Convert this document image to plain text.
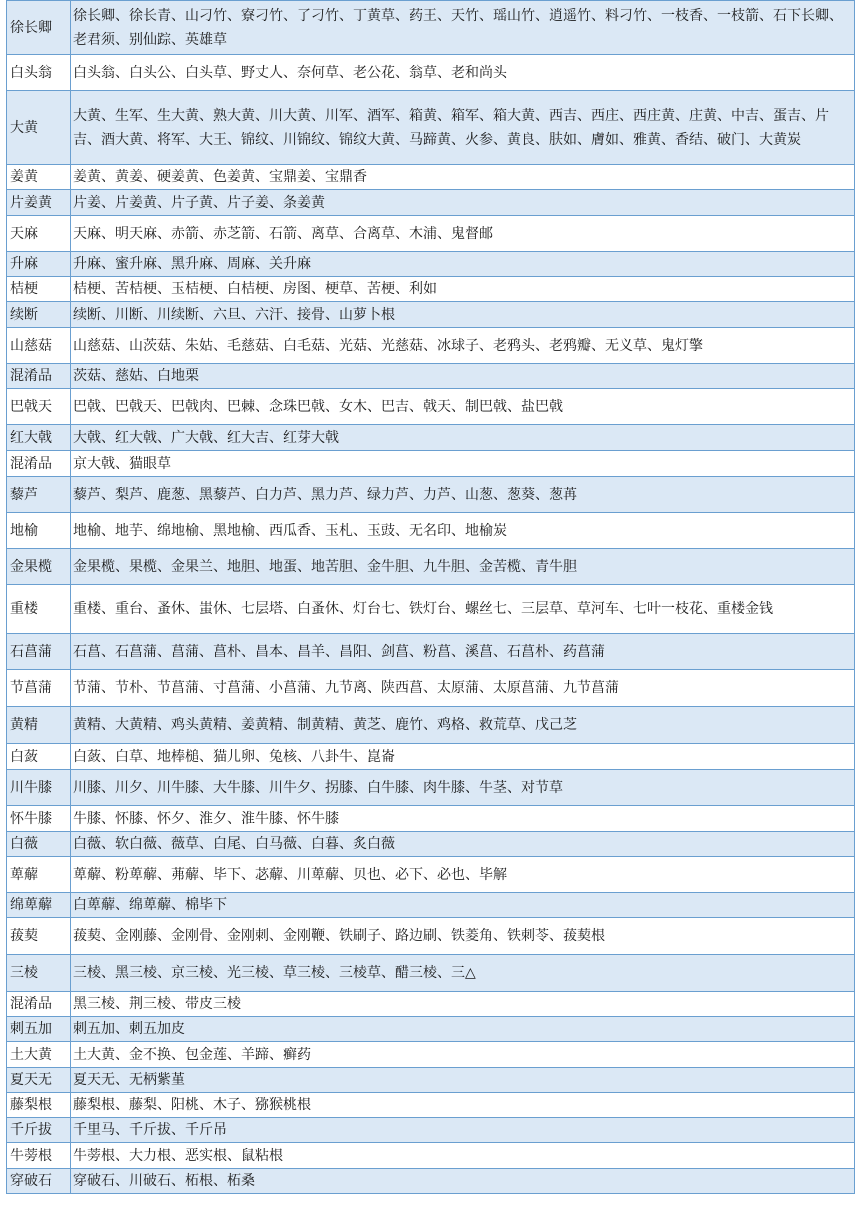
徐长卿	徐长卿、徐长青、山刁竹、寮刁竹、了刁竹、丁黄草、药王、天竹、瑶山竹、逍遥竹、料刁竹、一枝香、一枝箭、石下长卿、老君须、别仙踪、英雄草
白头翁	白头翁、白头公、白头草、野丈人、奈何草、老公花、翁草、老和尚头
大黄	大黄、生军、生大黄、熟大黄、川大黄、川军、酒军、箱黄、箱军、箱大黄、西吉、西庄、西庄黄、庄黄、中吉、蛋吉、片吉、酒大黄、将军、大王、锦纹、川锦纹、锦纹大黄、马蹄黄、火参、黄良、肤如、膚如、雅黄、香结、破门、大黄炭
姜黄	姜黄、黄姜、硬姜黄、色姜黄、宝鼎姜、宝鼎香
片姜黄	片姜、片姜黄、片子黄、片子姜、条姜黄
天麻	天麻、明天麻、赤箭、赤芝箭、石箭、离草、合离草、木浦、鬼督邮
升麻	升麻、蜜升麻、黑升麻、周麻、关升麻
桔梗	桔梗、苦桔梗、玉桔梗、白桔梗、房图、梗草、苦梗、利如
续断	续断、川断、川续断、六旦、六汗、接骨、山萝卜根
山慈菇	山慈菇、山茨菇、朱姑、毛慈菇、白毛菇、光菇、光慈菇、冰球子、老鸦头、老鸦瓣、无义草、鬼灯擎
混淆品	茨菇、慈姑、白地栗
巴戟天	巴戟、巴戟天、巴戟肉、巴棘、念珠巴戟、女木、巴吉、戟天、制巴戟、盐巴戟
红大戟	大戟、红大戟、广大戟、红大吉、红芽大戟
混淆品	京大戟、猫眼草
藜芦	藜芦、梨芦、鹿葱、黑藜芦、白力芦、黑力芦、绿力芦、力芦、山葱、葱葵、葱苒
地榆	地榆、地芋、绵地榆、黑地榆、西瓜香、玉札、玉豉、无名印、地榆炭
金果榄	金果榄、果榄、金果兰、地胆、地蛋、地苦胆、金牛胆、九牛胆、金苦榄、青牛胆
重楼	重楼、重台、蚤休、蚩休、七层塔、白蚤休、灯台七、铁灯台、螺丝七、三层草、草河车、七叶一枝花、重楼金钱
石菖蒲	石菖、石菖蒲、菖蒲、菖朴、昌本、昌羊、昌阳、剑菖、粉菖、溪菖、石菖朴、药菖蒲
节菖蒲	节蒲、节朴、节菖蒲、寸菖蒲、小菖蒲、九节离、陕西菖、太原蒲、太原菖蒲、九节菖蒲
黄精	黄精、大黄精、鸡头黄精、姜黄精、制黄精、黄芝、鹿竹、鸡格、救荒草、戊己芝
白蔹	白蔹、白草、地棒槌、猫儿卵、兔核、八卦牛、崑崙
川牛膝	川膝、川夕、川牛膝、大牛膝、川牛夕、拐膝、白牛膝、肉牛膝、牛茎、对节草
怀牛膝	牛膝、怀膝、怀夕、淮夕、淮牛膝、怀牛膝
白薇	白薇、软白薇、薇草、白尾、白马薇、白暮、炙白薇
萆薢	萆薢、粉萆薢、茀薢、毕下、苾薢、川萆薢、贝也、必下、必也、毕解
绵萆薢	白萆薢、绵萆薢、棉毕下
菝葜	菝葜、金刚藤、金刚骨、金刚刺、金刚鞭、铁刷子、路边刷、铁菱角、铁刺苓、菝葜根
三棱	三棱、黑三棱、京三棱、光三棱、草三棱、三棱草、醋三棱、三△
混淆品	黑三棱、荆三棱、带皮三棱
刺五加	刺五加、刺五加皮
土大黄	土大黄、金不换、包金莲、羊蹄、癣药
夏天无	夏天无、无柄紫堇
藤梨根	藤梨根、藤梨、阳桃、木子、猕猴桃根
千斤拔	千里马、千斤拔、千斤吊
牛蒡根	牛蒡根、大力根、恶实根、鼠粘根
穿破石	穿破石、川破石、柘根、柘桑
